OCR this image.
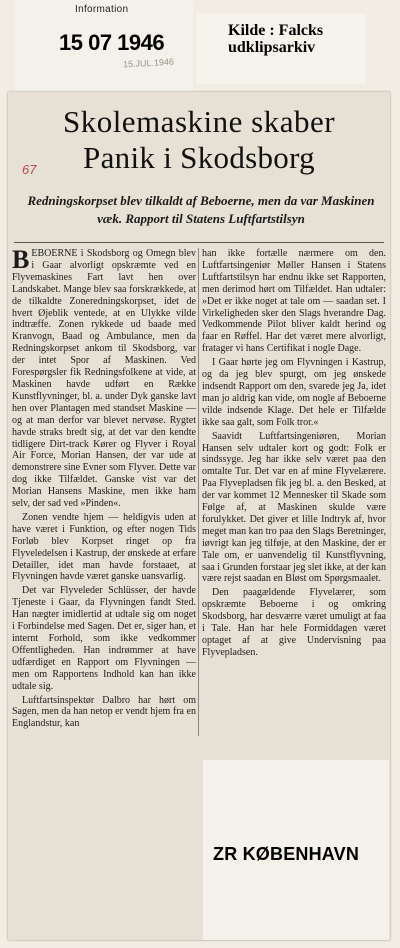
Information
15 07 1946
15.JUL.1946
Kilde : Falcks
udklipsarkiv
Skolemaskine skaber
Panik i Skodsborg
67
Redningskorpset blev tilkaldt af Beboerne, men da var Maskinen væk. Rapport til Statens Luftfartstilsyn

BEBOERNE i Skodsborg og Omegn blev i Gaar alvorligt opskræmte ved en Flyvemaskines Fart lavt hen over Landskabet. Mange blev saa forskrækkede, at de tilkaldte Zoneredningskorpset, idet de hvert Øjeblik ventede, at en Ulykke vilde indtræffe. Zonen rykkede ud baade med Kranvogn, Baad og Ambulance, men da Redningskorpset ankom til Skodsborg, var der intet Spor af Maskinen. Ved Forespørgsler fik Redningsfolkene at vide, at Maskinen havde udført en Række Kunstflyvninger, bl. a. under Dyk ganske lavt hen over Plantagen med standset Maskine — og at man derfor var blevet nervøse. Rygtet havde straks bredt sig, at det var den kendte tidligere Dirt-track Kører og Flyver i Royal Air Force, Morian Hansen, der var ude at demonstrere sine Evner som Flyver. Dette var dog ikke Tilfældet. Ganske vist var det Morian Hansens Maskine, men ikke ham selv, der sad ved »Pinden«.

Zonen vendte hjem — heldigvis uden at have været i Funktion, og efter nogen Tids Forløb blev Korpset ringet op fra Flyveledelsen i Kastrup, der ønskede at erfare Detailler, idet man havde forstaaet, at Flyvningen havde været ganske uansvarlig.

Det var Flyveleder Schlüsser, der havde Tjeneste i Gaar, da Flyvningen fandt Sted. Han nægter imidlertid at udtale sig om noget i Forbindelse med Sagen. Det er, siger han, et internt Forhold, som ikke vedkommer Offentligheden. Han indrømmer at have udfærdiget en Rapport om Flyvningen — men om Rapportens Indhold kan han ikke udtale sig.

Luftfartsinspektør Dalbro har hørt om Sagen, men da han netop er vendt hjem fra en Englandstur, kan

han ikke fortælle nærmere om den. Luftfartsingeniør Møller Hansen i Statens Luftfartstilsyn har endnu ikke set Rapporten, men derimod hørt om Tilfældet. Han udtaler: »Det er ikke noget at tale om — saadan set. I Virkeligheden sker den Slags hverandre Dag. Vedkommende Pilot bliver kaldt herind og faar en Røffel. Har det været mere alvorligt, fratager vi hans Certifikat i nogle Dage.

I Gaar hørte jeg om Flyvningen i Kastrup, og da jeg blev spurgt, om jeg ønskede indsendt Rapport om den, svarede jeg Ja, idet man jo aldrig kan vide, om nogle af Beboerne vilde indsende Klage. Det hele er Tilfælde ikke saa galt, som Folk tror.«

Saavidt Luftfartsingeniøren, Morian Hansen selv udtaler kort og godt: Folk er sindssyge. Jeg har ikke selv været paa den omtalte Tur. Det var en af mine Flyvelærere. Paa Flyvepladsen fik jeg bl. a. den Besked, at der var kommet 12 Mennesker til Skade som Følge af, at Maskinen skulde være forulykket. Det giver et lille Indtryk af, hvor meget man kan tro paa den Slags Beretninger, iøvrigt kan jeg tilføje, at den Maskine, der er Tale om, er uanvendelig til Kunstflyvning, saa i Grunden forstaar jeg slet ikke, at der kan være rejst saadan en Bløst om Spørgsmaalet.

Den paagældende Flyvelærer, som opskræmte Beboerne i og omkring Skodsborg, har desværre været umuligt at faa i Tale. Han har hele Formiddagen været optaget af at give Undervisning paa Flyvepladsen.

ZR KØBENHAVN
